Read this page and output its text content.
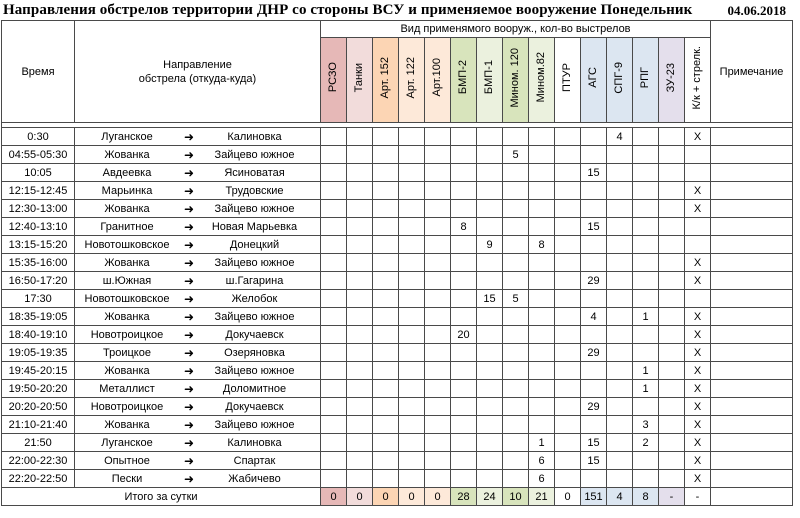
Направления обстрелов территории ДНР со стороны ВСУ и применяемое вооружение Понедельник	04.06.2018
Время	Направление
обстрела (откуда-куда)	Вид применямого вооруж., кол-во выстрелов															Примечание
		РСЗО	Танки	Арт. 152	Арт. 122	Арт.100	БМП-2	БМП-1	Мином. 120	Мином.82	ПТУР	АГС	СПГ-9	РПГ	ЗУ-23	К/к + стрелк.	

0:30	Луганское ➜ Калиновка												4			X	
04:55-05:30	Жованка ➜ Зайцево южное								5								
10:05	Авдеевка ➜ Ясиноватая											15					
12:15-12:45	Марьинка ➜ Трудовские															X	
12:30-13:00	Жованка ➜ Зайцево южное															X	
12:40-13:10	Гранитное ➜ Новая Марьевка						8					15					
13:15-15:20	Новотошковское ➜ Донецкий							9		8							
15:35-16:00	Жованка ➜ Зайцево южное															X	
16:50-17:20	ш.Южная ➜ ш.Гагарина											29				X	
17:30	Новотошковское ➜ Желобок							15	5								
18:35-19:05	Жованка ➜ Зайцево южное											4		1		X	
18:40-19:10	Новотроицкое ➜ Докучаевск						20									X	
19:05-19:35	Троицкое ➜ Озеряновка											29				X	
19:45-20:15	Жованка ➜ Зайцево южное													1		X	
19:50-20:20	Металлист ➜ Доломитное													1		X	
20:20-20:50	Новотроицкое ➜ Докучаевск											29				X	
21:10-21:40	Жованка ➜ Зайцево южное													3		X	
21:50	Луганское ➜ Калиновка									1		15		2		X	
22:00-22:30	Опытное ➜ Спартак									6		15				X	
22:20-22:50	Пески ➜ Жабичево									6						X	
Итого за сутки		0	0	0	0	0	28	24	10	21	0	151	4	8	-	-	
